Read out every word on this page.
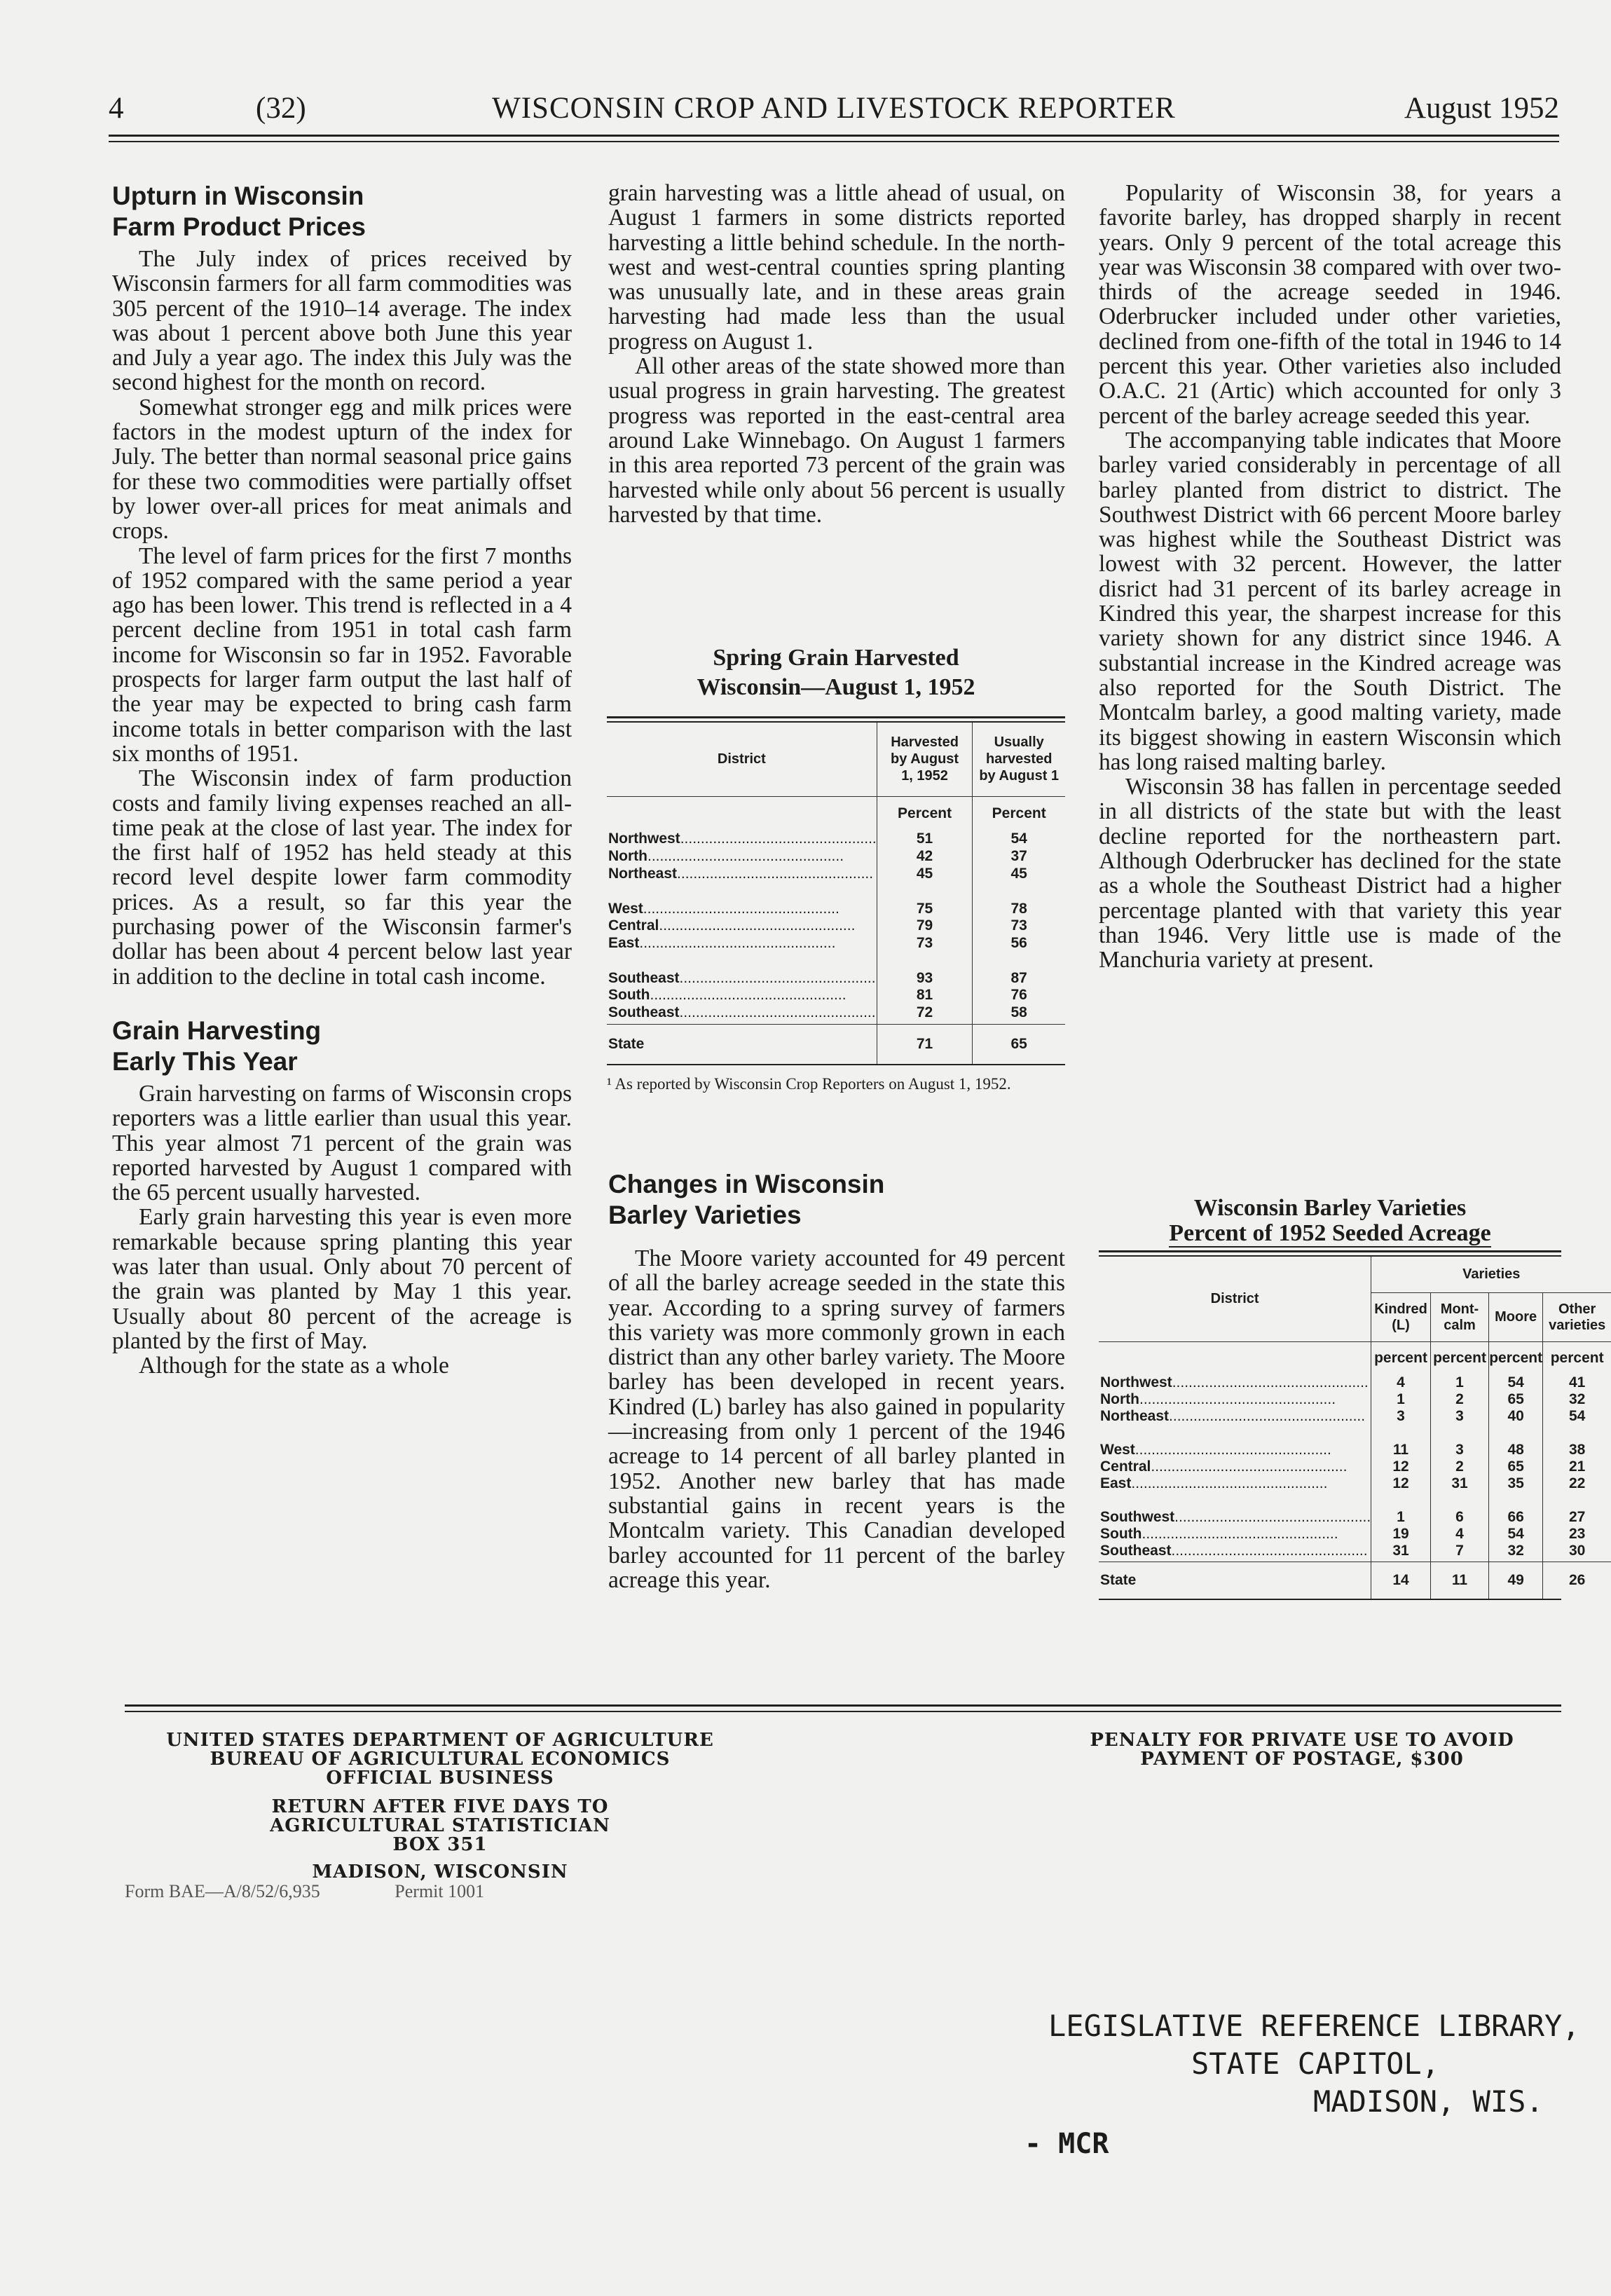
WISCONSIN CROP AND LIVESTOCK REPORTER
4	(32)	August 1952
Upturn in Wisconsin
Farm Product Prices

The July index of prices received by Wisconsin farmers for all farm commodities was 305 percent of the 1910–14 average. The index was about 1 percent above both June this year and July a year ago. The index this July was the second highest for the month on record.

Somewhat stronger egg and milk prices were factors in the modest upturn of the index for July. The better than normal seasonal price gains for these two commodities were partially offset by lower over-all prices for meat animals and crops.

The level of farm prices for the first 7 months of 1952 compared with the same period a year ago has been lower. This trend is reflected in a 4 percent decline from 1951 in total cash farm income for Wisconsin so far in 1952. Favorable prospects for larger farm output the last half of the year may be expected to bring cash farm income totals in better comparison with the last six months of 1951.

The Wisconsin index of farm production costs and family living expenses reached an all-time peak at the close of last year. The index for the first half of 1952 has held steady at this record level despite lower farm commodity prices. As a result, so far this year the purchasing power of the Wisconsin farmer's dollar has been about 4 percent below last year in addition to the decline in total cash income.

Grain Harvesting
Early This Year

Grain harvesting on farms of Wisconsin crops reporters was a little earlier than usual this year. This year almost 71 percent of the grain was reported harvested by August 1 compared with the 65 percent usually harvested.

Early grain harvesting this year is even more remarkable because spring planting this year was later than usual. Only about 70 percent of the grain was planted by May 1 this year. Usually about 80 percent of the acreage is planted by the first of May.

Although for the state as a whole

grain harvesting was a little ahead of usual, on August 1 farmers in some districts reported harvesting a little behind schedule. In the north-west and west-central counties spring planting was unusually late, and in these areas grain harvesting had made less than the usual progress on August 1.

All other areas of the state showed more than usual progress in grain harvesting. The greatest progress was reported in the east-central area around Lake Winnebago. On August 1 farmers in this area reported 73 percent of the grain was harvested while only about 56 percent is usually harvested by that time.

Spring Grain Harvested
Wisconsin—August 1, 1952
District	Harvested by August 1, 1952	Usually harvested by August 1
	Percent	Percent
Northwest................................................	51	54
North................................................	42	37
Northeast................................................	45	45

West................................................	75	78
Central................................................	79	73
East................................................	73	56

Southeast................................................	93	87
South................................................	81	76
Southeast................................................	72	58

State	71	65
¹ As reported by Wisconsin Crop Reporters on August 1, 1952.
Changes in Wisconsin
Barley Varieties

The Moore variety accounted for 49 percent of all the barley acreage seeded in the state this year. According to a spring survey of farmers this variety was more commonly grown in each district than any other barley variety. The Moore barley has been developed in recent years. Kindred (L) barley has also gained in popularity—increasing from only 1 percent of the 1946 acreage to 14 percent of all barley planted in 1952. Another new barley that has made substantial gains in recent years is the Montcalm variety. This Canadian developed barley accounted for 11 percent of the barley acreage this year.

Popularity of Wisconsin 38, for years a favorite barley, has dropped sharply in recent years. Only 9 percent of the total acreage this year was Wisconsin 38 compared with over two-thirds of the acreage seeded in 1946. Oderbrucker included under other varieties, declined from one-fifth of the total in 1946 to 14 percent this year. Other varieties also included O.A.C. 21 (Artic) which accounted for only 3 percent of the barley acreage seeded this year.

The accompanying table indicates that Moore barley varied considerably in percentage of all barley planted from district to district. The Southwest District with 66 percent Moore barley was highest while the Southeast District was lowest with 32 percent. However, the latter disrict had 31 percent of its barley acreage in Kindred this year, the sharpest increase for this variety shown for any district since 1946. A substantial increase in the Kindred acreage was also reported for the South District. The Montcalm barley, a good malting variety, made its biggest showing in eastern Wisconsin which has long raised malting barley.

Wisconsin 38 has fallen in percentage seeded in all districts of the state but with the least decline reported for the northeastern part. Although Oderbrucker has declined for the state as a whole the Southeast District had a higher percentage planted with that variety this year than 1946. Very little use is made of the Manchuria variety at present.

Wisconsin Barley Varieties
Percent of 1952 Seeded Acreage
District	Varieties			
	Kindred (L)	Mont-calm	Moore	Other varieties
	percent	percent	percent	percent
Northwest................................................	4	1	54	41
North................................................	1	2	65	32
Northeast................................................	3	3	40	54

West................................................	11	3	48	38
Central................................................	12	2	65	21
East................................................	12	31	35	22

Southwest................................................	1	6	66	27
South................................................	19	4	54	23
Southeast................................................	31	7	32	30

State	14	11	49	26
UNITED STATES DEPARTMENT OF AGRICULTURE
BUREAU OF AGRICULTURAL ECONOMICS
OFFICIAL BUSINESS
RETURN AFTER FIVE DAYS TO
AGRICULTURAL STATISTICIAN
BOX 351
MADISON, WISCONSIN
Form BAE—A/8/52/6,935	Permit 1001
PENALTY FOR PRIVATE USE TO AVOID
PAYMENT OF POSTAGE, $300
LEGISLATIVE REFERENCE LIBRARY,
STATE CAPITOL,
MADISON, WIS.
- MCR
